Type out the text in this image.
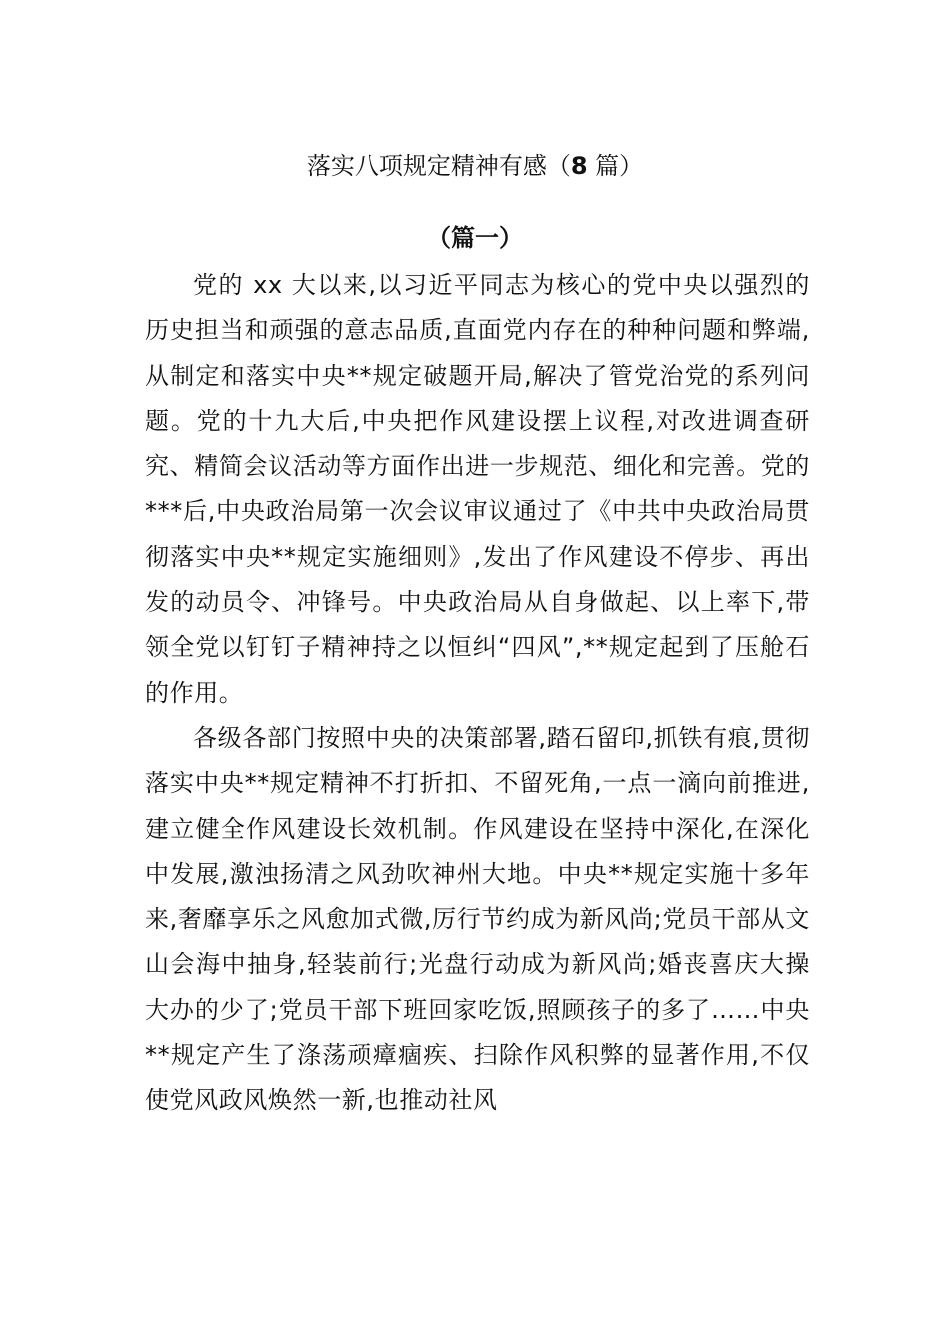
落实八项规定精神有感（8 篇）
（篇一）

党的 xx 大以来,以习近平同志为核心的党中央以强烈的历史担当和顽强的意志品质,直面党内存在的种种问题和弊端,从制定和落实中央**规定破题开局,解决了管党治党的系列问题。党的十九大后,中央把作风建设摆上议程,对改进调查研究、精简会议活动等方面作出进一步规范、细化和完善。党的***后,中央政治局第一次会议审议通过了《中共中央政治局贯彻落实中央**规定实施细则》,发出了作风建设不停步、再出发的动员令、冲锋号。中央政治局从自身做起、以上率下,带领全党以钉钉子精神持之以恒纠“四风”,**规定起到了压舱石的作用。

各级各部门按照中央的决策部署,踏石留印,抓铁有痕,贯彻落实中央**规定精神不打折扣、不留死角,一点一滴向前推进,建立健全作风建设长效机制。作风建设在坚持中深化,在深化中发展,激浊扬清之风劲吹神州大地。中央**规定实施十多年来,奢靡享乐之风愈加式微,厉行节约成为新风尚;党员干部从文山会海中抽身,轻装前行;光盘行动成为新风尚;婚丧喜庆大操大办的少了;党员干部下班回家吃饭,照顾孩子的多了……中央**规定产生了涤荡顽瘴痼疾、扫除作风积弊的显著作用,不仅使党风政风焕然一新,也推动社风
